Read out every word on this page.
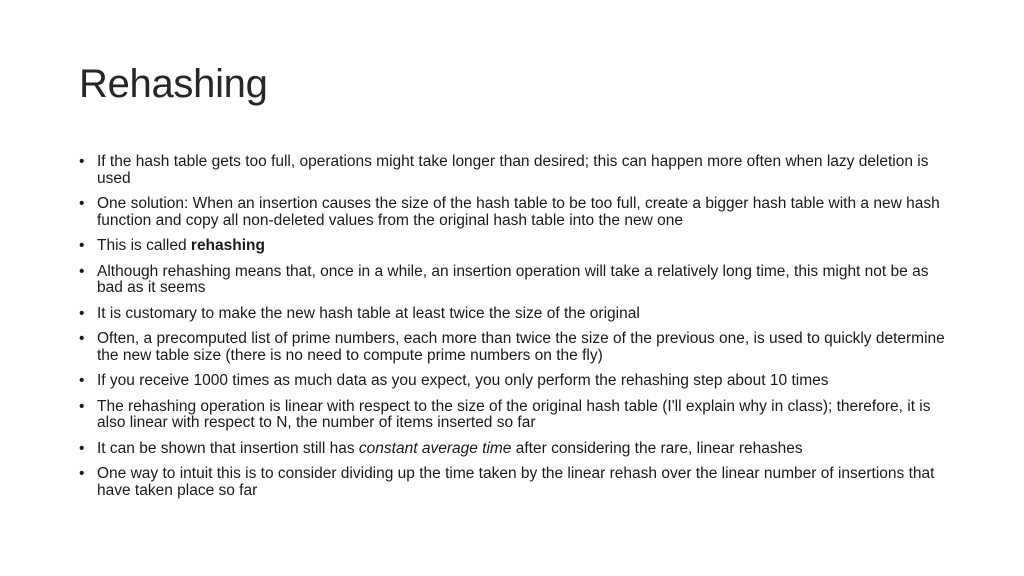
Rehashing
• If the hash table gets too full, operations might take longer than desired; this can happen more often when lazy deletion is used
• One solution: When an insertion causes the size of the hash table to be too full, create a bigger hash table with a new hash function and copy all non-deleted values from the original hash table into the new one
• This is called rehashing
• Although rehashing means that, once in a while, an insertion operation will take a relatively long time, this might not be as bad as it seems
• It is customary to make the new hash table at least twice the size of the original
• Often, a precomputed list of prime numbers, each more than twice the size of the previous one, is used to quickly determine the new table size (there is no need to compute prime numbers on the fly)
• If you receive 1000 times as much data as you expect, you only perform the rehashing step about 10 times
• The rehashing operation is linear with respect to the size of the original hash table (I'll explain why in class); therefore, it is also linear with respect to N, the number of items inserted so far
• It can be shown that insertion still has constant average time after considering the rare, linear rehashes
• One way to intuit this is to consider dividing up the time taken by the linear rehash over the linear number of insertions that have taken place so far
